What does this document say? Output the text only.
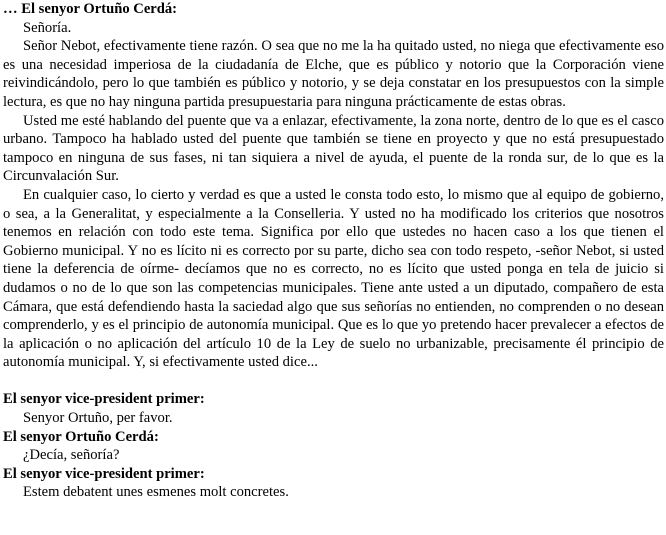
… El senyor Ortuño Cerdá:

Señoría.

Señor Nebot, efectivamente tiene razón. O sea que no me la ha quitado usted, no niega que efectivamente eso es una necesidad imperiosa de la ciudadanía de Elche, que es público y notorio que la Corporación viene reivindicándolo, pero lo que también es público y notorio, y se deja constatar en los presupuestos con la simple lectura, es que no hay ninguna partida presupuestaria para ninguna prácticamente de estas obras.

Usted me esté hablando del puente que va a enlazar, efectivamente, la zona norte, dentro de lo que es el casco urbano. Tampoco ha hablado usted del puente que también se tiene en proyecto y que no está presupuestado tampoco en ninguna de sus fases, ni tan siquiera a nivel de ayuda, el puente de la ronda sur, de lo que es la Circunvalación Sur.

En cualquier caso, lo cierto y verdad es que a usted le consta todo esto, lo mismo que al equipo de gobierno, o sea, a la Generalitat, y especialmente a la Conselleria. Y usted no ha modificado los criterios que nosotros tenemos en relación con todo este tema. Significa por ello que ustedes no hacen caso a los que tienen el Gobierno municipal. Y no es lícito ni es correcto por su parte, dicho sea con todo respeto, -señor Nebot, si usted tiene la deferencia de oírme- decíamos que no es correcto, no es lícito que usted ponga en tela de juicio si dudamos o no de lo que son las competencias municipales. Tiene ante usted a un diputado, compañero de esta Cámara, que está defendiendo hasta la saciedad algo que sus señorías no entienden, no comprenden o no desean comprenderlo, y es el principio de autonomía municipal. Que es lo que yo pretendo hacer prevalecer a efectos de la aplicación o no aplicación del artículo 10 de la Ley de suelo no urbanizable, precisamente él principio de autonomía municipal. Y, si efectivamente usted dice...

El senyor vice-president primer:

Senyor Ortuño, per favor.

El senyor Ortuño Cerdá:

¿Decía, señoría?

El senyor vice-president primer:

Estem debatent unes esmenes molt concretes.
